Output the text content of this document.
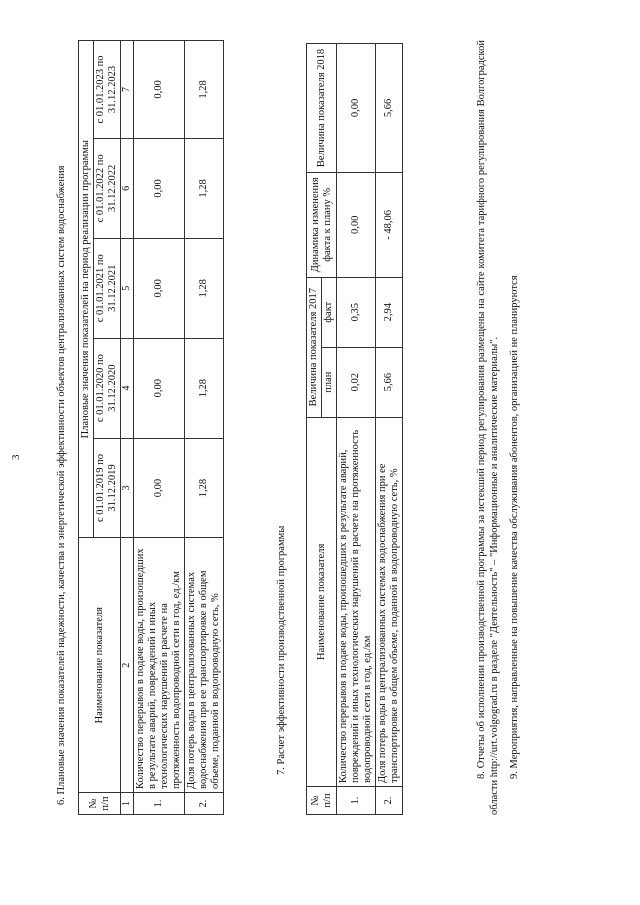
3	6. Плановые значения показателей надежности, качества и энергетической эффективности объектов централизованных систем водоснабжения № п/п	Наименование показателя	Плановые значения показателей на период реализации программы				
		с 01.01.2019 по 31.12.2019	с 01.01.2020 по 31.12.2020	с 01.01.2021 по 31.12.2021	с 01.01.2022 по 31.12.2022	с 01.01.2023 по 31.12.2023
1	2	3	4	5	6	7
1.	Количество перерывов в подаче воды, произошедших в результате аварий, повреждений и иных технологических нарушений в расчете на протяженность водопроводной сети в год, ед./км	0,00	0,00	0,00	0,00	0,00
2.	Доля потерь воды в централизованных системах водоснабжения при ее транспортировке в общем объеме, поданной в водопроводную сеть, %	1,28	1,28	1,28	1,28	1,28
7. Расчет эффективности производственной программы
№ п/п	Наименование показателя	Величина показателя 2017		Динамика изменения факта к плану %	Величина показателя 2018
		план	факт		
1.	Количество перерывов в подаче воды, произошедших в результате аварий, повреждений и иных технологических нарушений в расчете на протяженность водопроводной сети в год, ед./км	0,02	0,35	0,00	0,00
2.	Доля потерь воды в централизованных системах водоснабжения при ее транспортировке в общем объеме, поданной в водопроводную сеть, %	5,66	2,94	- 48,06	5,66	8. Отчеты об исполнении производственной программы за истекший период регулирования размещены на сайте комитета тарифного регулирования Волгоградской области http://urt.volgograd.ru в разделе "Деятельность" – "Информационные и аналитические материалы". 9. Мероприятия, направленные на повышение качества обслуживания абонентов, организацией не планируются
